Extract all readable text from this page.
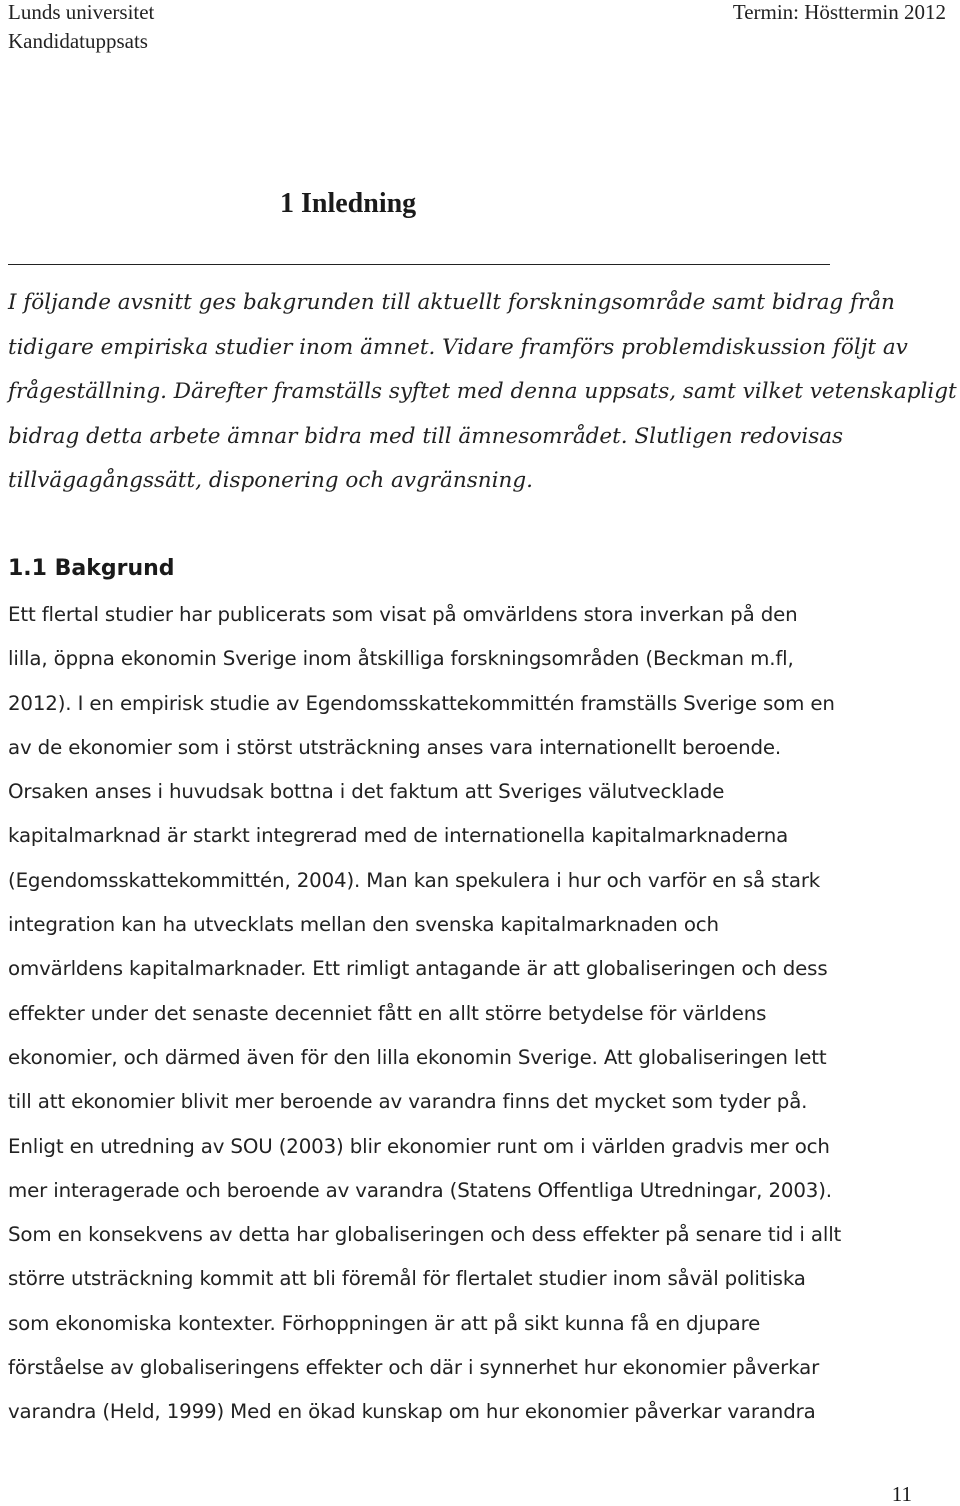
Lunds universitet
Kandidatuppsats
Termin: Hösttermin 2012
1 Inledning
I följande avsnitt ges bakgrunden till aktuellt forskningsområde samt bidrag från
tidigare empiriska studier inom ämnet. Vidare framförs problemdiskussion följt av
frågeställning. Därefter framställs syftet med denna uppsats, samt vilket vetenskapligt
bidrag detta arbete ämnar bidra med till ämnesområdet. Slutligen redovisas
tillvägagångssätt, disponering och avgränsning.
1.1 Bakgrund
Ett flertal studier har publicerats som visat på omvärldens stora inverkan på den
lilla, öppna ekonomin Sverige inom åtskilliga forskningsområden (Beckman m.fl,
2012). I en empirisk studie av Egendomsskattekommittén framställs Sverige som en
av de ekonomier som i störst utsträckning anses vara internationellt beroende.
Orsaken anses i huvudsak bottna i det faktum att Sveriges välutvecklade
kapitalmarknad är starkt integrerad med de internationella kapitalmarknaderna
(Egendomsskattekommittén, 2004). Man kan spekulera i hur och varför en så stark
integration kan ha utvecklats mellan den svenska kapitalmarknaden och
omvärldens kapitalmarknader. Ett rimligt antagande är att globaliseringen och dess
effekter under det senaste decenniet fått en allt större betydelse för världens
ekonomier, och därmed även för den lilla ekonomin Sverige. Att globaliseringen lett
till att ekonomier blivit mer beroende av varandra finns det mycket som tyder på.
Enligt en utredning av SOU (2003) blir ekonomier runt om i världen gradvis mer och
mer interagerade och beroende av varandra (Statens Offentliga Utredningar, 2003).
Som en konsekvens av detta har globaliseringen och dess effekter på senare tid i allt
större utsträckning kommit att bli föremål för flertalet studier inom såväl politiska
som ekonomiska kontexter. Förhoppningen är att på sikt kunna få en djupare
förståelse av globaliseringens effekter och där i synnerhet hur ekonomier påverkar
varandra (Held, 1999) Med en ökad kunskap om hur ekonomier påverkar varandra
11
